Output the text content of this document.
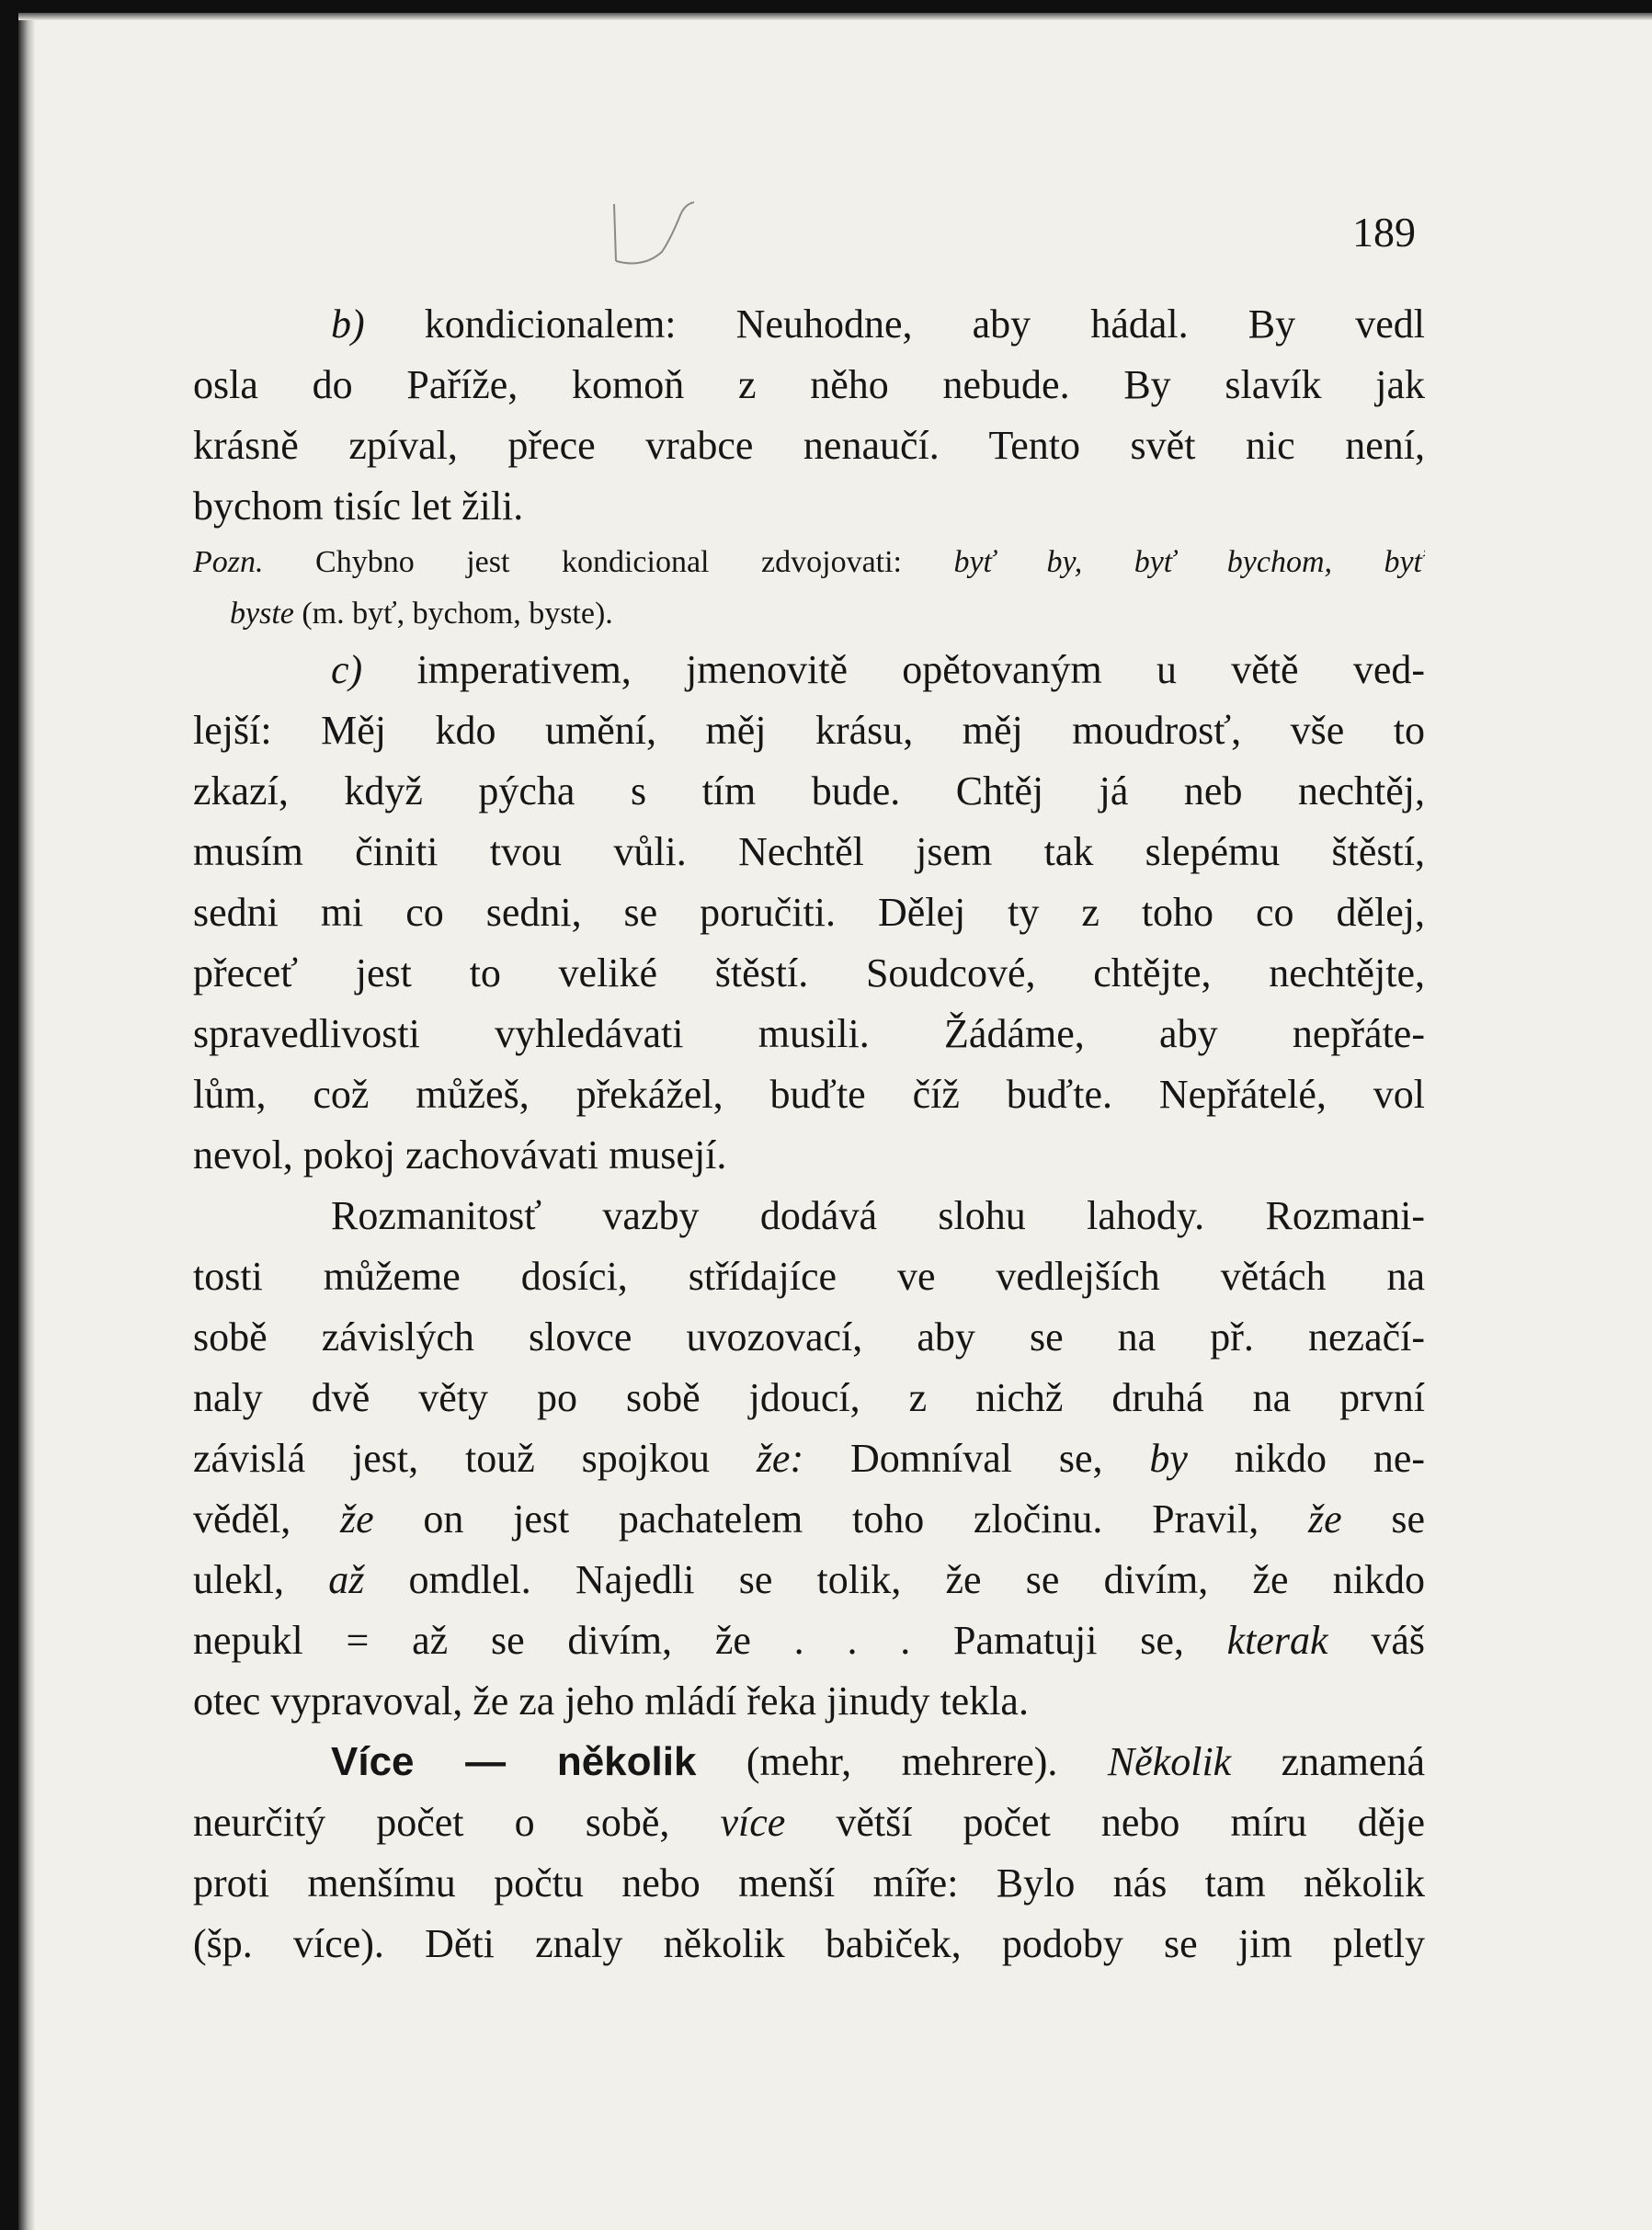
189
b) kondicionalem: Neuhodne, aby hádal. By vedl
osla do Paříže, komoň z něho nebude. By slavík jak
krásně zpíval, přece vrabce nenaučí. Tento svět nic není,
bychom tisíc let žili.
Pozn. Chybno jest kondicional zdvojovati: byť by, byť bychom, byť
byste (m. byť, bychom, byste).
c) imperativem, jmenovitě opětovaným u větě ved-
lejší: Měj kdo umění, měj krásu, měj moudrosť, vše to
zkazí, když pýcha s tím bude. Chtěj já neb nechtěj,
musím činiti tvou vůli. Nechtěl jsem tak slepému štěstí,
sedni mi co sedni, se poručiti. Dělej ty z toho co dělej,
přeceť jest to veliké štěstí. Soudcové, chtějte, nechtějte,
spravedlivosti vyhledávati musili. Žádáme, aby nepřáte-
lům, což můžeš, překážel, buďte číž buďte. Nepřátelé, vol
nevol, pokoj zachovávati musejí.
Rozmanitosť vazby dodává slohu lahody. Rozmani-
tosti můžeme dosíci, střídajíce ve vedlejších větách na
sobě závislých slovce uvozovací, aby se na př. nezačí-
naly dvě věty po sobě jdoucí, z nichž druhá na první
závislá jest, touž spojkou že: Domníval se, by nikdo ne-
věděl, že on jest pachatelem toho zločinu. Pravil, že se
ulekl, až omdlel. Najedli se tolik, že se divím, že nikdo
nepukl = až se divím, že . . . Pamatuji se, kterak váš
otec vypravoval, že za jeho mládí řeka jinudy tekla.
Více — několik (mehr, mehrere). Několik znamená
neurčitý počet o sobě, více větší počet nebo míru děje
proti menšímu počtu nebo menší míře: Bylo nás tam několik
(šp. více). Děti znaly několik babiček, podoby se jim pletly
